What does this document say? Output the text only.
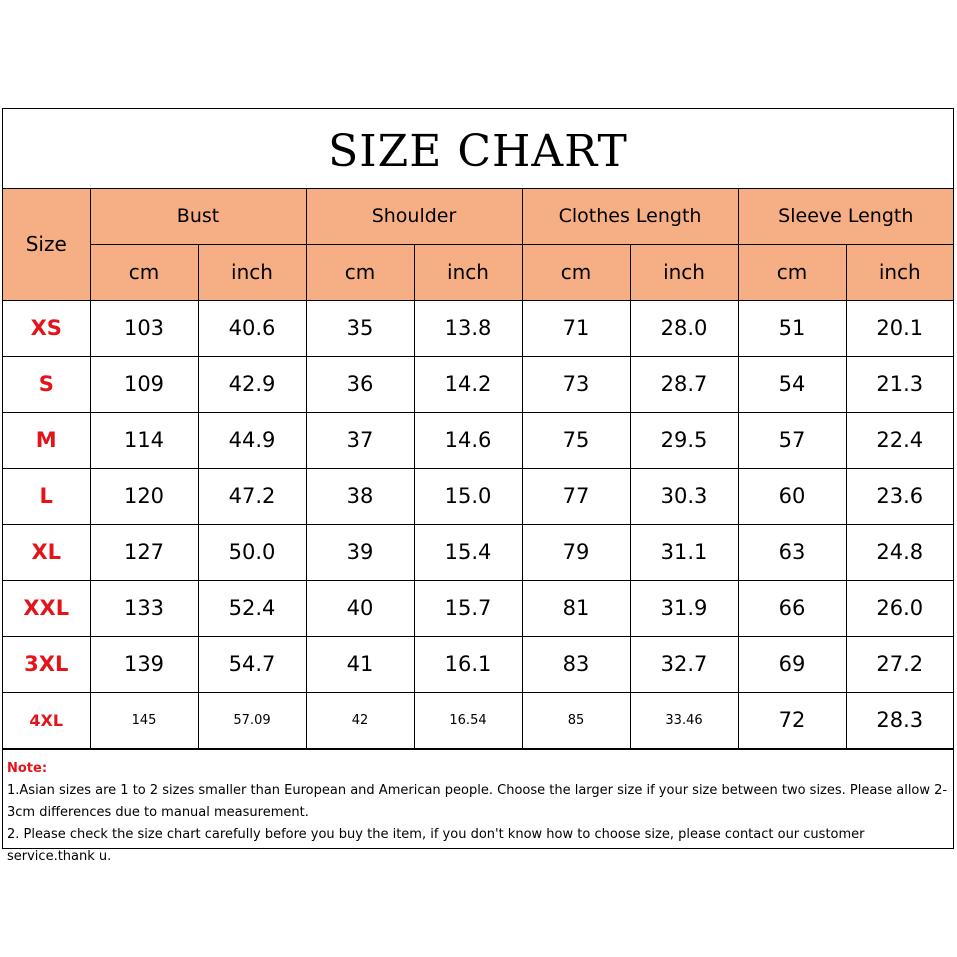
SIZE CHART
Size	Bust		Shoulder		Clothes Length		Sleeve Length	
	cm	inch	cm	inch	cm	inch	cm	inch
XS	103	40.6	35	13.8	71	28.0	51	20.1
S	109	42.9	36	14.2	73	28.7	54	21.3
M	114	44.9	37	14.6	75	29.5	57	22.4
L	120	47.2	38	15.0	77	30.3	60	23.6
XL	127	50.0	39	15.4	79	31.1	63	24.8
XXL	133	52.4	40	15.7	81	31.9	66	26.0
3XL	139	54.7	41	16.1	83	32.7	69	27.2
4XL	145	57.09	42	16.54	85	33.46	72	28.3
Note:
1.Asian sizes are 1 to 2 sizes smaller than European and American people. Choose the larger size if your size between two sizes. Please allow 2-3cm differences due to manual measurement.
2. Please check the size chart carefully before you buy the item, if you don't know how to choose size, please contact our customer service.thank u.
